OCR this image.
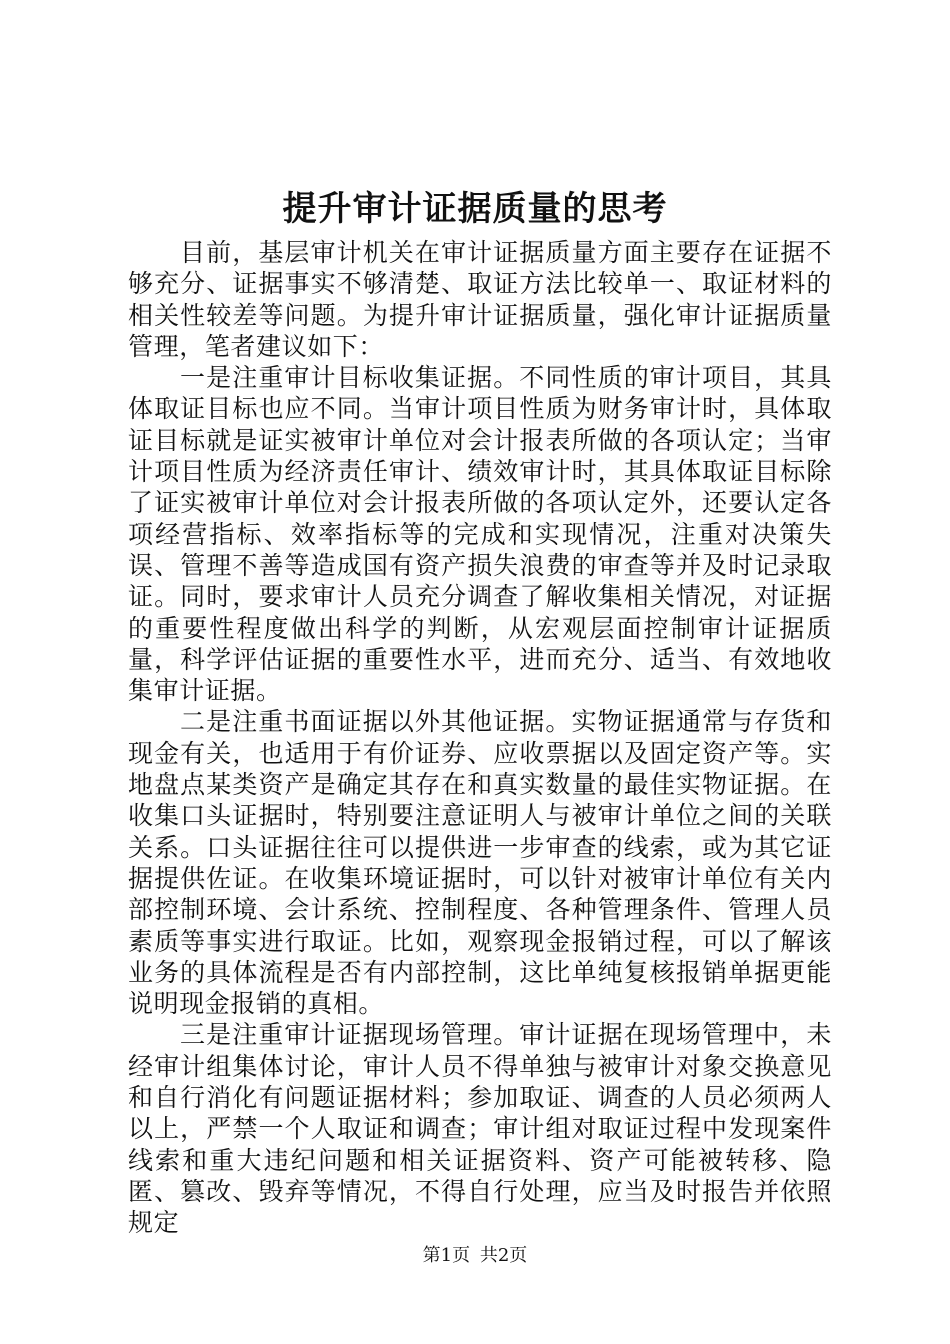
提升审计证据质量的思考

目前，基层审计机关在审计证据质量方面主要存在证据不够充分、证据事实不够清楚、取证方法比较单一、取证材料的相关性较差等问题。为提升审计证据质量，强化审计证据质量管理，笔者建议如下：

一是注重审计目标收集证据。不同性质的审计项目，其具体取证目标也应不同。当审计项目性质为财务审计时，具体取证目标就是证实被审计单位对会计报表所做的各项认定；当审计项目性质为经济责任审计、绩效审计时，其具体取证目标除了证实被审计单位对会计报表所做的各项认定外，还要认定各项经营指标、效率指标等的完成和实现情况，注重对决策失误、管理不善等造成国有资产损失浪费的审查等并及时记录取证。同时，要求审计人员充分调查了解收集相关情况，对证据的重要性程度做出科学的判断，从宏观层面控制审计证据质量，科学评估证据的重要性水平，进而充分、适当、有效地收集审计证据。

二是注重书面证据以外其他证据。实物证据通常与存货和现金有关，也适用于有价证券、应收票据以及固定资产等。实地盘点某类资产是确定其存在和真实数量的最佳实物证据。在收集口头证据时，特别要注意证明人与被审计单位之间的关联关系。口头证据往往可以提供进一步审查的线索，或为其它证据提供佐证。在收集环境证据时，可以针对被审计单位有关内部控制环境、会计系统、控制程度、各种管理条件、管理人员素质等事实进行取证。比如，观察现金报销过程，可以了解该业务的具体流程是否有内部控制，这比单纯复核报销单据更能说明现金报销的真相。

三是注重审计证据现场管理。审计证据在现场管理中，未经审计组集体讨论，审计人员不得单独与被审计对象交换意见和自行消化有问题证据材料；参加取证、调查的人员必须两人以上，严禁一个人取证和调查；审计组对取证过程中发现案件线索和重大违纪问题和相关证据资料、资产可能被转移、隐匿、篡改、毁弃等情况，不得自行处理，应当及时报告并依照规定

第1页 共2页
